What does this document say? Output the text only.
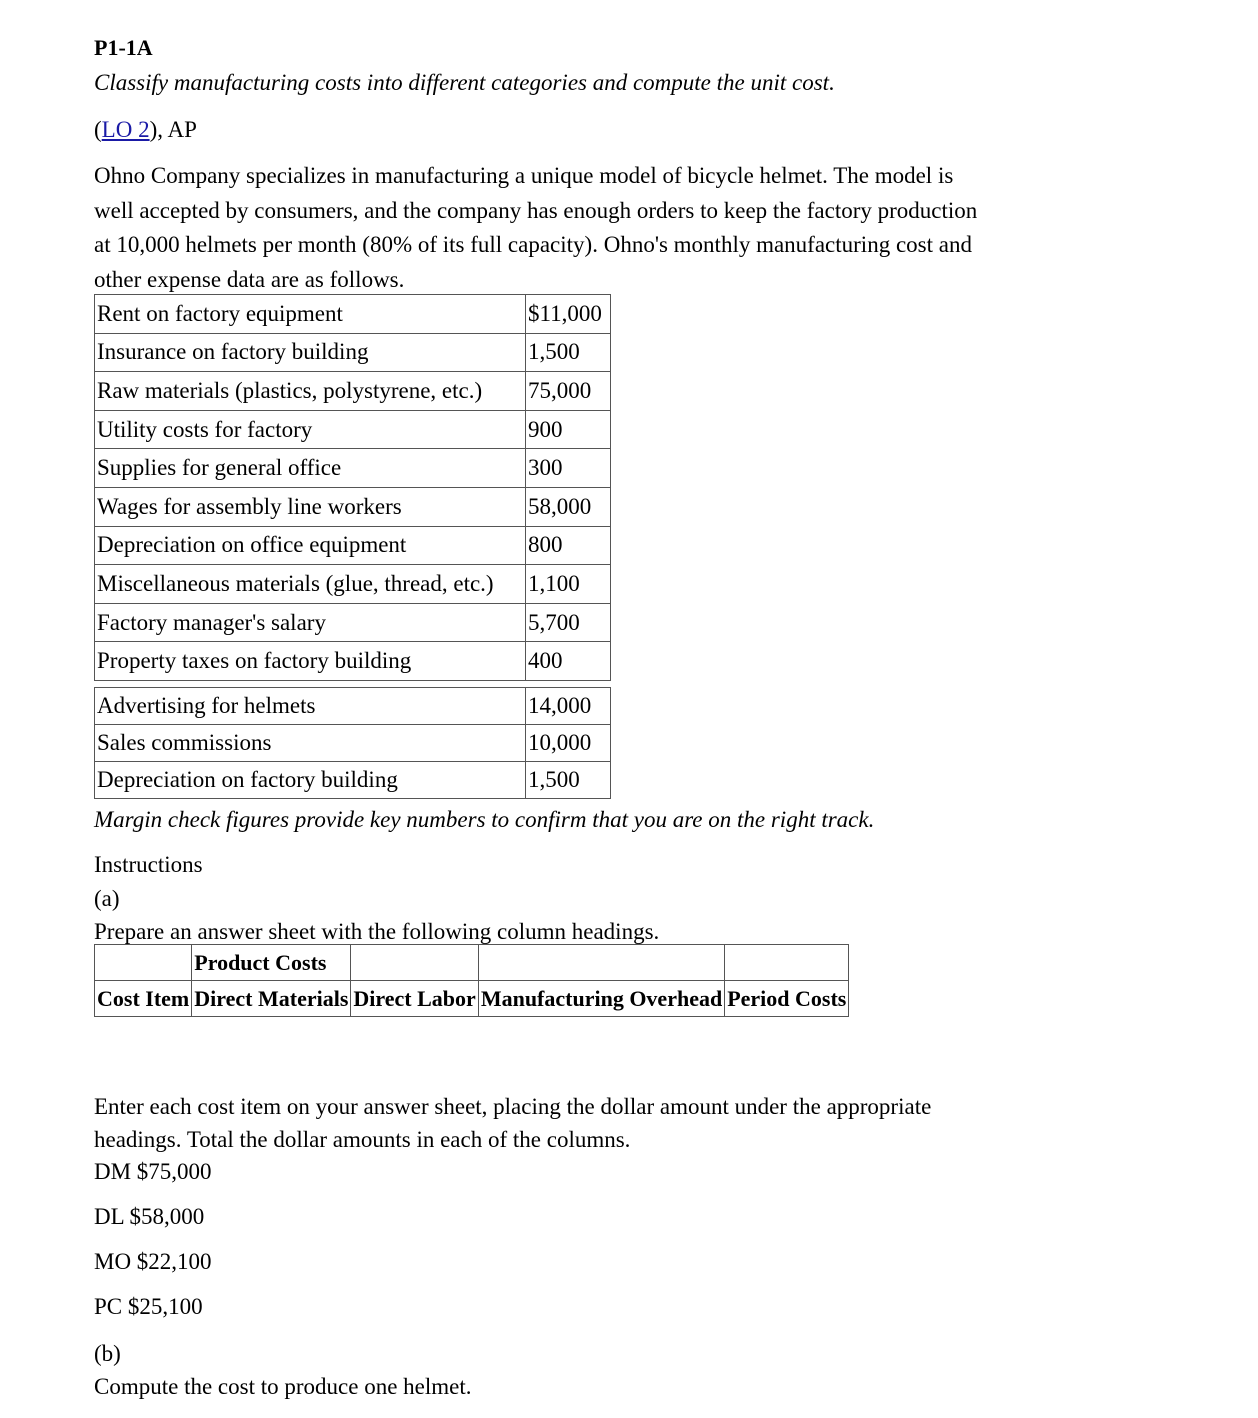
P1-1A
Classify manufacturing costs into different categories and compute the unit cost.
(LO 2), AP
Ohno Company specializes in manufacturing a unique model of bicycle helmet. The model is
well accepted by consumers, and the company has enough orders to keep the factory production
at 10,000 helmets per month (80% of its full capacity). Ohno's monthly manufacturing cost and
other expense data are as follows.
Rent on factory equipment	$11,000
Insurance on factory building	1,500
Raw materials (plastics, polystyrene, etc.)	75,000
Utility costs for factory	900
Supplies for general office	300
Wages for assembly line workers	58,000
Depreciation on office equipment	800
Miscellaneous materials (glue, thread, etc.)	1,100
Factory manager's salary	5,700
Property taxes on factory building	400
Advertising for helmets	14,000
Sales commissions	10,000
Depreciation on factory building	1,500
Margin check figures provide key numbers to confirm that you are on the right track.
Instructions
(a)
Prepare an answer sheet with the following column headings.
	Product Costs			
Cost Item	Direct Materials	Direct Labor	Manufacturing Overhead	Period Costs
Enter each cost item on your answer sheet, placing the dollar amount under the appropriate
headings. Total the dollar amounts in each of the columns.
DM $75,000
DL $58,000
MO $22,100
PC $25,100
(b)
Compute the cost to produce one helmet.
